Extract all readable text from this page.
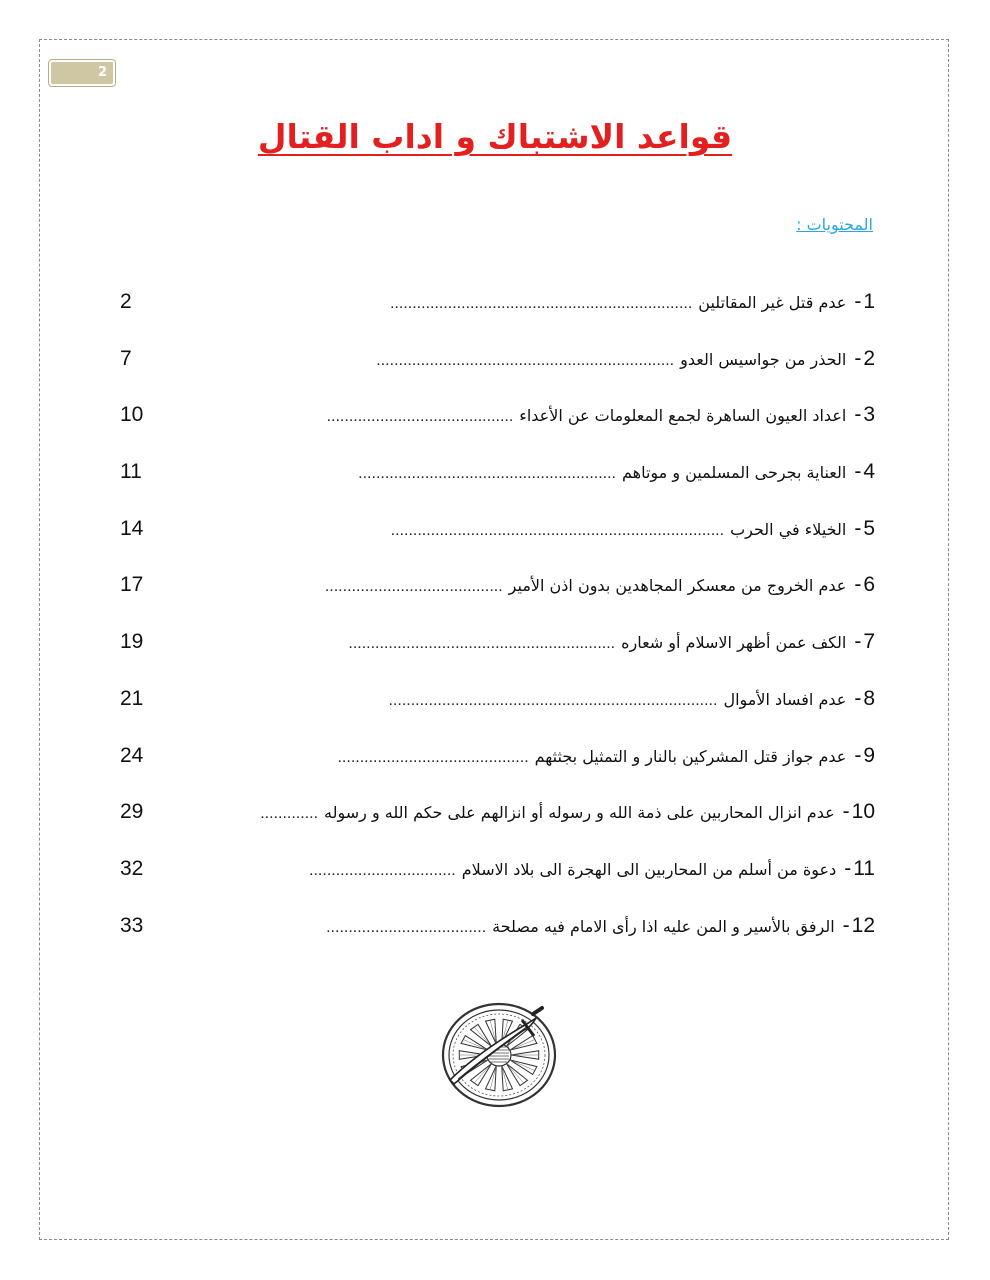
2
قواعد الاشتباك و اداب القتال
المحتويات :
1
-
عدم قتل غير المقاتلين
....................................................................
2
2
-
الحذر من جواسيس العدو
...................................................................
7
3
-
اعداد العيون الساهرة لجمع المعلومات عن الأعداء
..........................................
10
4
-
العناية بجرحى المسلمين و موتاهم
..........................................................
11
5
-
الخيلاء في الحرب
...........................................................................
14
6
-
عدم الخروج من معسكر المجاهدين بدون اذن الأمير
........................................
17
7
-
الكف عمن أظهر الاسلام أو شعاره
............................................................
19
8
-
عدم افساد الأموال
..........................................................................
21
9
-
عدم جواز قتل المشركين بالنار و التمثيل بجثثهم
...........................................
24
10
-
عدم انزال المحاربين على ذمة الله و رسوله أو انزالهم على حكم الله و رسوله
.............
29
11
-
دعوة من أسلم من المحاربين الى الهجرة الى بلاد الاسلام
.................................
32
12
-
الرفق بالأسير و المن عليه اذا رأى الامام فيه مصلحة
....................................
33
